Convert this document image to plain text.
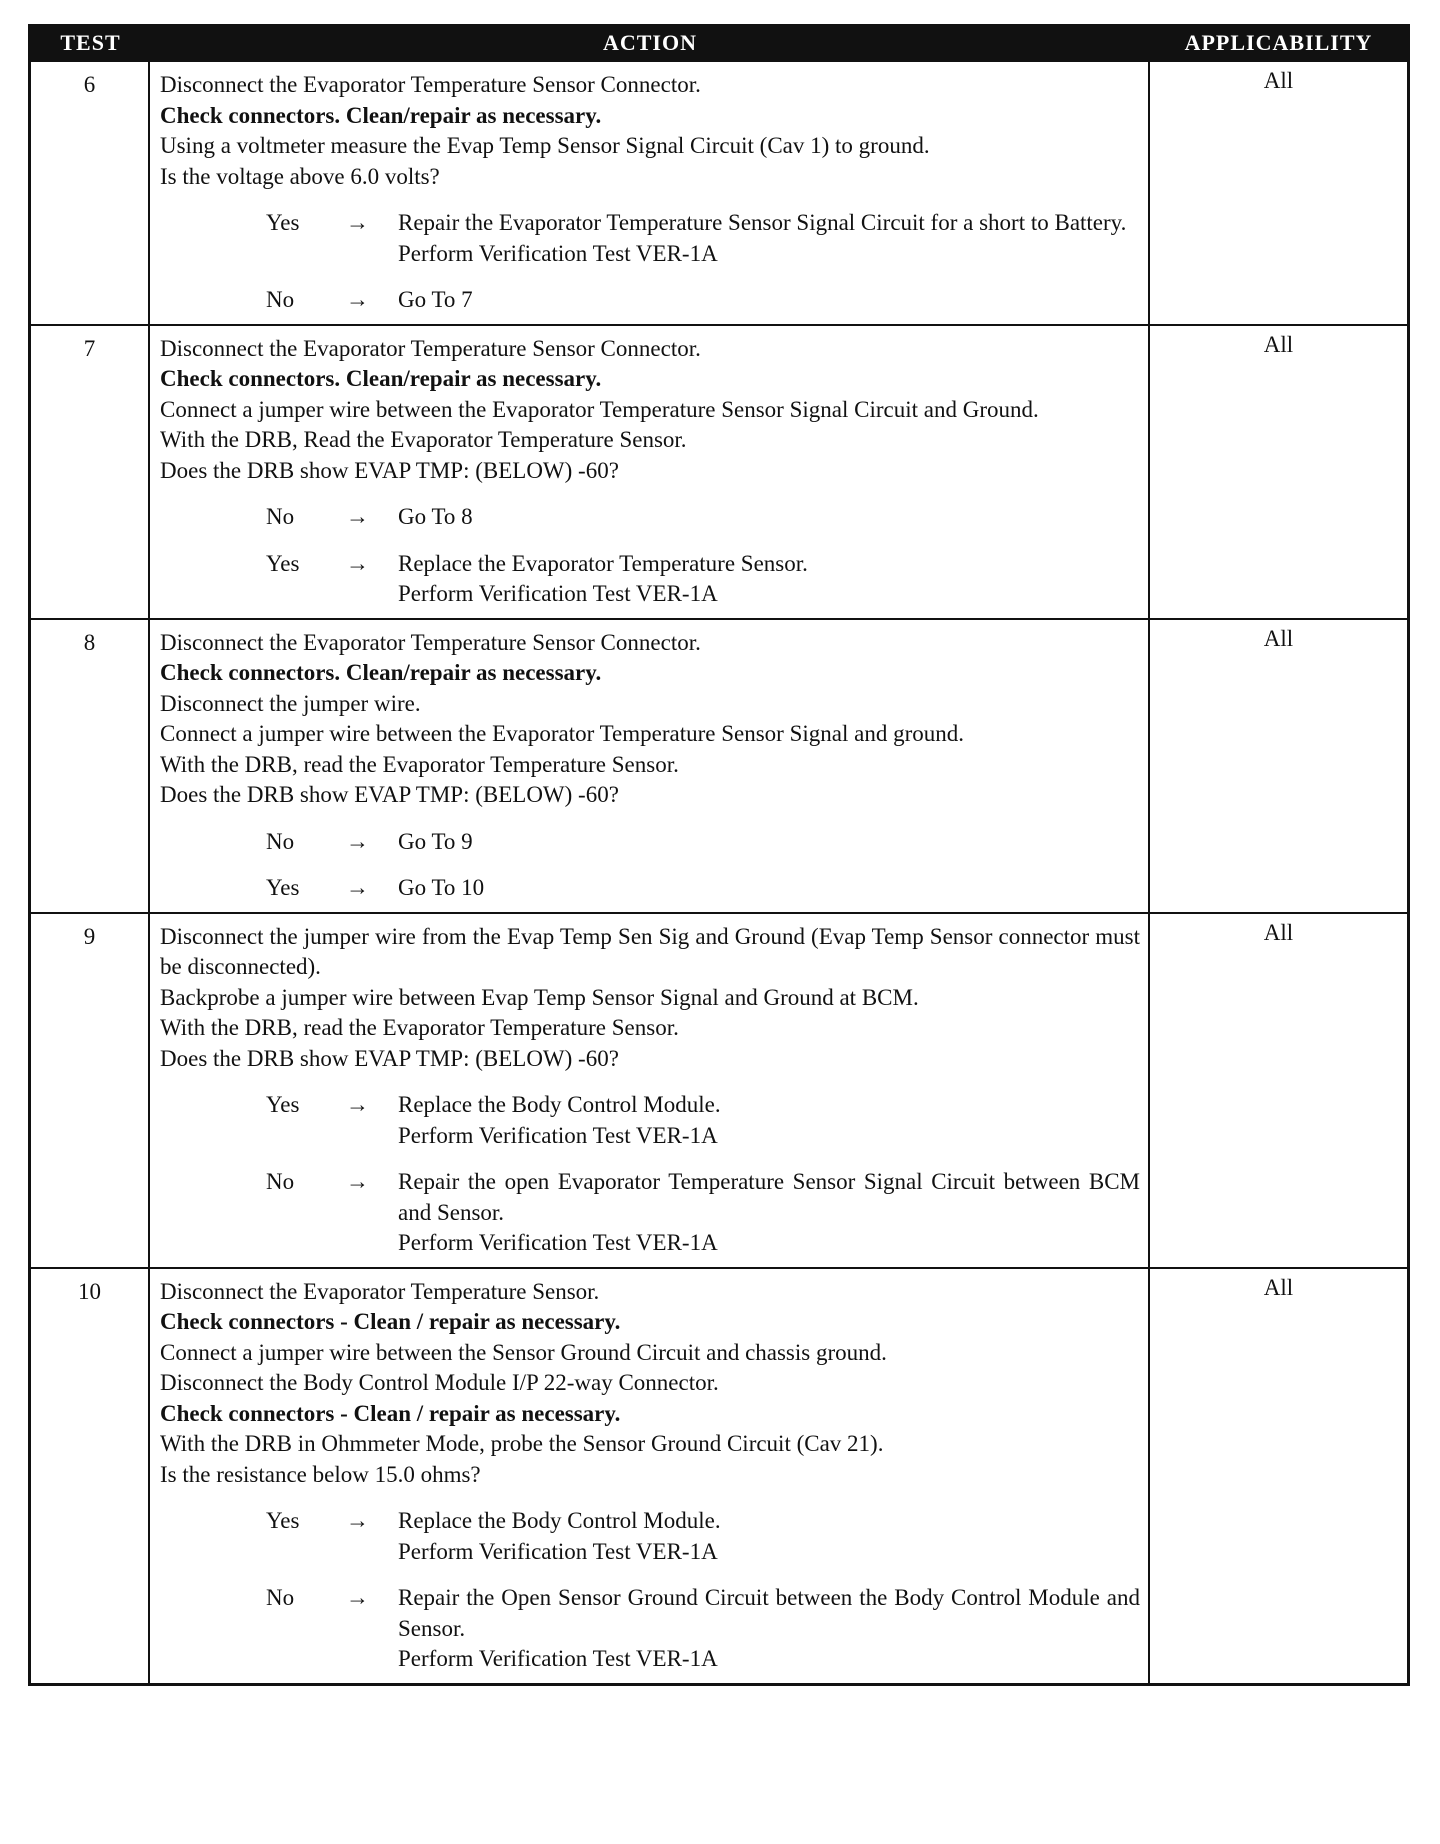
TEST	ACTION	APPLICABILITY
6	Disconnect the Evaporator Temperature Sensor Connector.
Check connectors. Clean/repair as necessary.
Using a voltmeter measure the Evap Temp Sensor Signal Circuit (Cav 1) to ground.
Is the voltage above 6.0 volts?
Yes	→	Repair the Evaporator Temperature Sensor Signal Circuit for a short to Battery.
Perform Verification Test VER-1A
No	→	Go To 7
All
7	Disconnect the Evaporator Temperature Sensor Connector.
Check connectors. Clean/repair as necessary.
Connect a jumper wire between the Evaporator Temperature Sensor Signal Circuit and Ground.
With the DRB, Read the Evaporator Temperature Sensor.
Does the DRB show EVAP TMP: (BELOW) -60?
No	→	Go To 8
Yes	→	Replace the Evaporator Temperature Sensor.
Perform Verification Test VER-1A
All
8	Disconnect the Evaporator Temperature Sensor Connector.
Check connectors. Clean/repair as necessary.
Disconnect the jumper wire.
Connect a jumper wire between the Evaporator Temperature Sensor Signal and ground.
With the DRB, read the Evaporator Temperature Sensor.
Does the DRB show EVAP TMP: (BELOW) -60?
No	→	Go To 9
Yes	→	Go To 10
All
9	Disconnect the jumper wire from the Evap Temp Sen Sig and Ground (Evap Temp Sensor connector must be disconnected).
Backprobe a jumper wire between Evap Temp Sensor Signal and Ground at BCM.
With the DRB, read the Evaporator Temperature Sensor.
Does the DRB show EVAP TMP: (BELOW) -60?
Yes	→	Replace the Body Control Module.
Perform Verification Test VER-1A
No	→	Repair the open Evaporator Temperature Sensor Signal Circuit between BCM and Sensor.
Perform Verification Test VER-1A
All
10	Disconnect the Evaporator Temperature Sensor.
Check connectors - Clean / repair as necessary.
Connect a jumper wire between the Sensor Ground Circuit and chassis ground.
Disconnect the Body Control Module I/P 22-way Connector.
Check connectors - Clean / repair as necessary.
With the DRB in Ohmmeter Mode, probe the Sensor Ground Circuit (Cav 21).
Is the resistance below 15.0 ohms?
Yes	→	Replace the Body Control Module.
Perform Verification Test VER-1A
No	→	Repair the Open Sensor Ground Circuit between the Body Control Module and Sensor.
Perform Verification Test VER-1A
All
